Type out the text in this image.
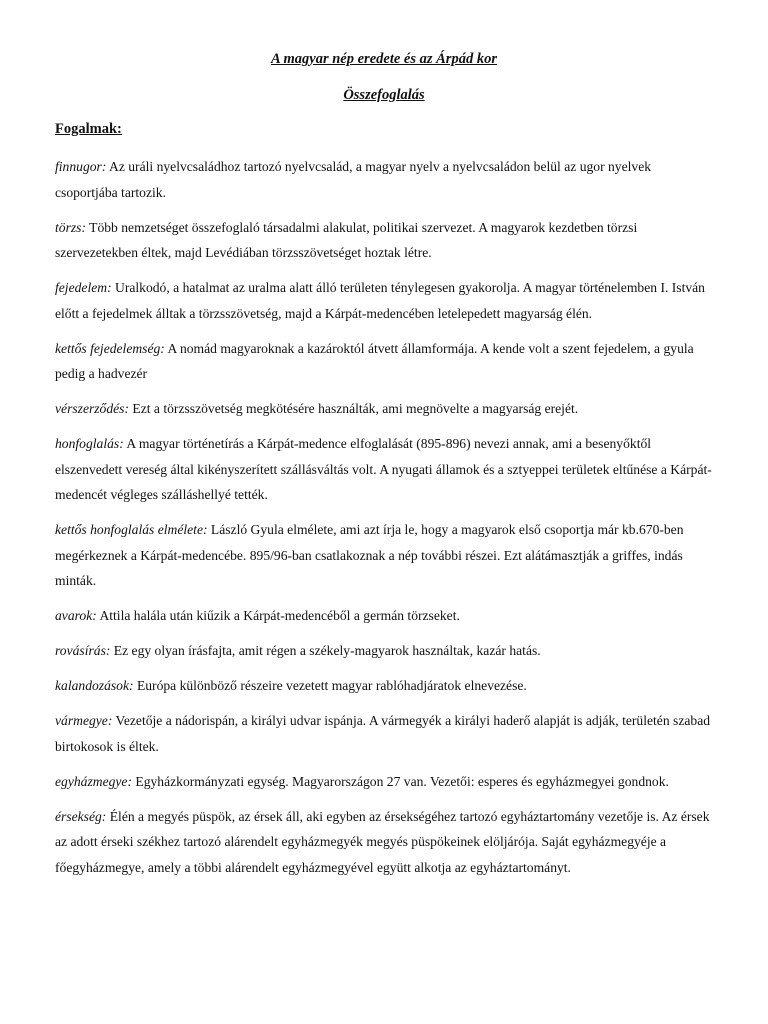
A magyar nép eredete és az Árpád kor

Összefoglalás

Fogalmak:

finnugor: Az uráli nyelvcsaládhoz tartozó nyelvcsalád, a magyar nyelv a nyelvcsaládon belül az ugor nyelvek csoportjába tartozik.

törzs: Több nemzetséget összefoglaló társadalmi alakulat, politikai szervezet. A magyarok kezdetben törzsi szervezetekben éltek, majd Levédiában törzsszövetséget hoztak létre.

fejedelem: Uralkodó, a hatalmat az uralma alatt álló területen ténylegesen gyakorolja. A magyar történelemben I. István előtt a fejedelmek álltak a törzsszövetség, majd a Kárpát-medencében letelepedett magyarság élén.

kettős fejedelemség: A nomád magyaroknak a kazároktól átvett államformája. A kende volt a szent fejedelem, a gyula pedig a hadvezér

vérszerződés: Ezt a törzsszövetség megkötésére használták, ami megnövelte a magyarság erejét.

honfoglalás: A magyar történetírás a Kárpát-medence elfoglalását (895-896) nevezi annak, ami a besenyőktől elszenvedett vereség által kikényszerített szállásváltás volt. A nyugati államok és a sztyeppei területek eltűnése a Kárpát-medencét végleges szálláshellyé tették.

kettős honfoglalás elmélete: László Gyula elmélete, ami azt írja le, hogy a magyarok első csoportja már kb.670-ben megérkeznek a Kárpát-medencébe. 895/96-ban csatlakoznak a nép további részei. Ezt alátámasztják a griffes, indás minták.

avarok: Attila halála után kiűzik a Kárpát-medencéből a germán törzseket.

rovásírás: Ez egy olyan írásfajta, amit régen a székely-magyarok használtak, kazár hatás.

kalandozások: Európa különböző részeire vezetett magyar rablóhadjáratok elnevezése.

vármegye: Vezetője a nádorispán, a királyi udvar ispánja. A vármegyék a királyi haderő alapját is adják, területén szabad birtokosok is éltek.

egyházmegye: Egyházkormányzati egység. Magyarországon 27 van. Vezetői: esperes és egyházmegyei gondnok.

érsekség: Élén a megyés püspök, az érsek áll, aki egyben az érsekségéhez tartozó egyháztartomány vezetője is. Az érsek az adott érseki székhez tartozó alárendelt egyházmegyék megyés püspökeinek elöljárója. Saját egyházmegyéje a főegyházmegye, amely a többi alárendelt egyházmegyével együtt alkotja az egyháztartományt.
